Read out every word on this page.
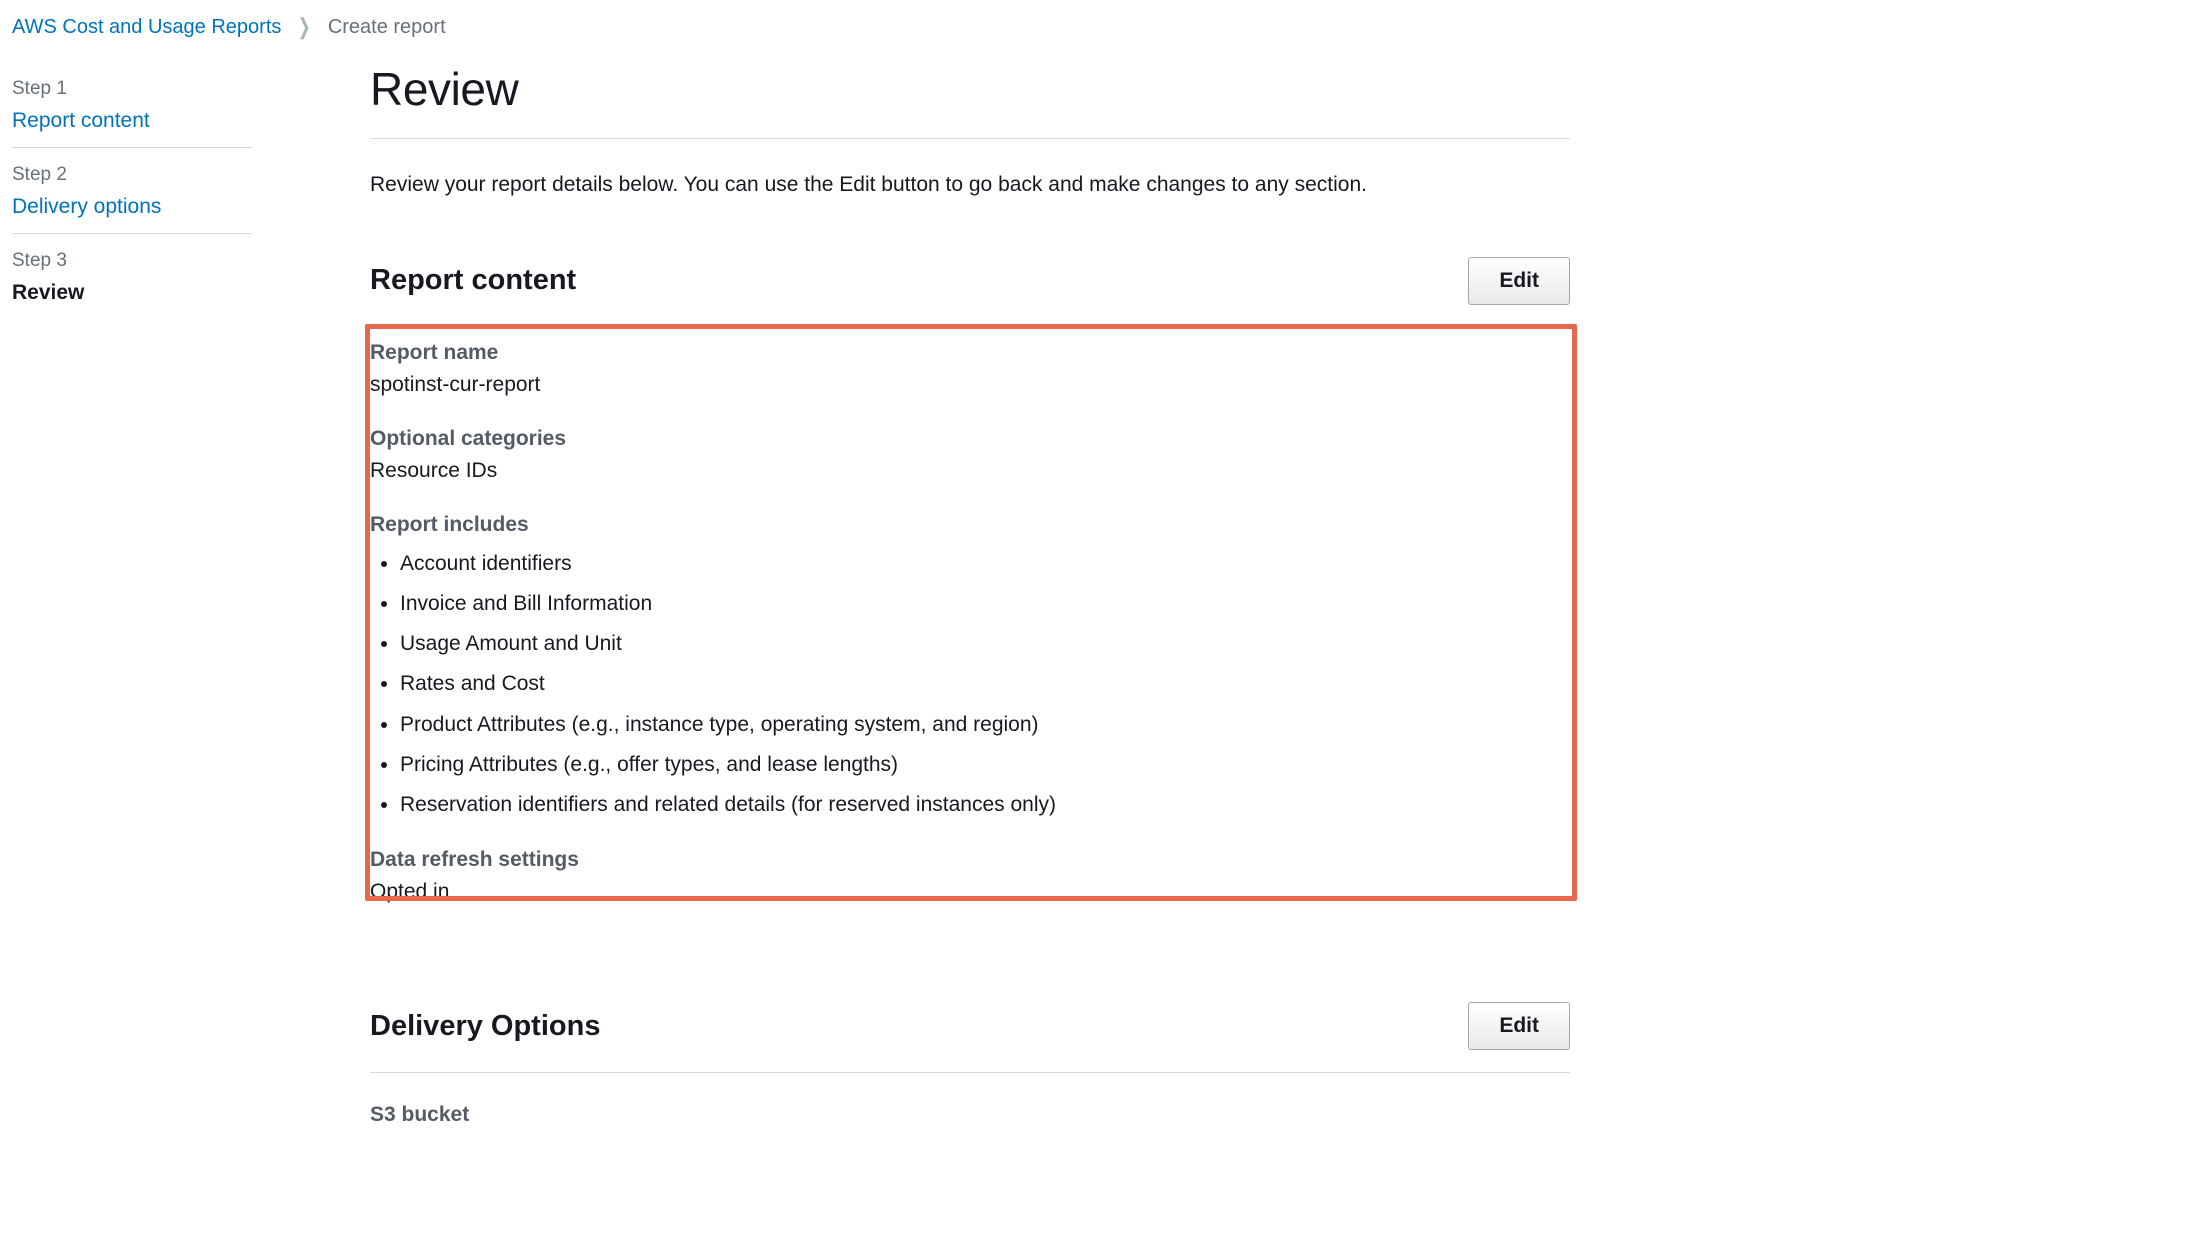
AWS Cost and Usage Reports ❯ Create report
Step 1
Report content
Step 2
Delivery options
Step 3
Review
Review

Review your report details below. You can use the Edit button to go back and make changes to any section.

Report content	Edit
Report name
spotinst-cur-report
Optional categories
Resource IDs
Report includes
• Account identifiers
• Invoice and Bill Information
• Usage Amount and Unit
• Rates and Cost
• Product Attributes (e.g., instance type, operating system, and region)
• Pricing Attributes (e.g., offer types, and lease lengths)
• Reservation identifiers and related details (for reserved instances only)
Data refresh settings
Opted in
Delivery Options	Edit
S3 bucket
